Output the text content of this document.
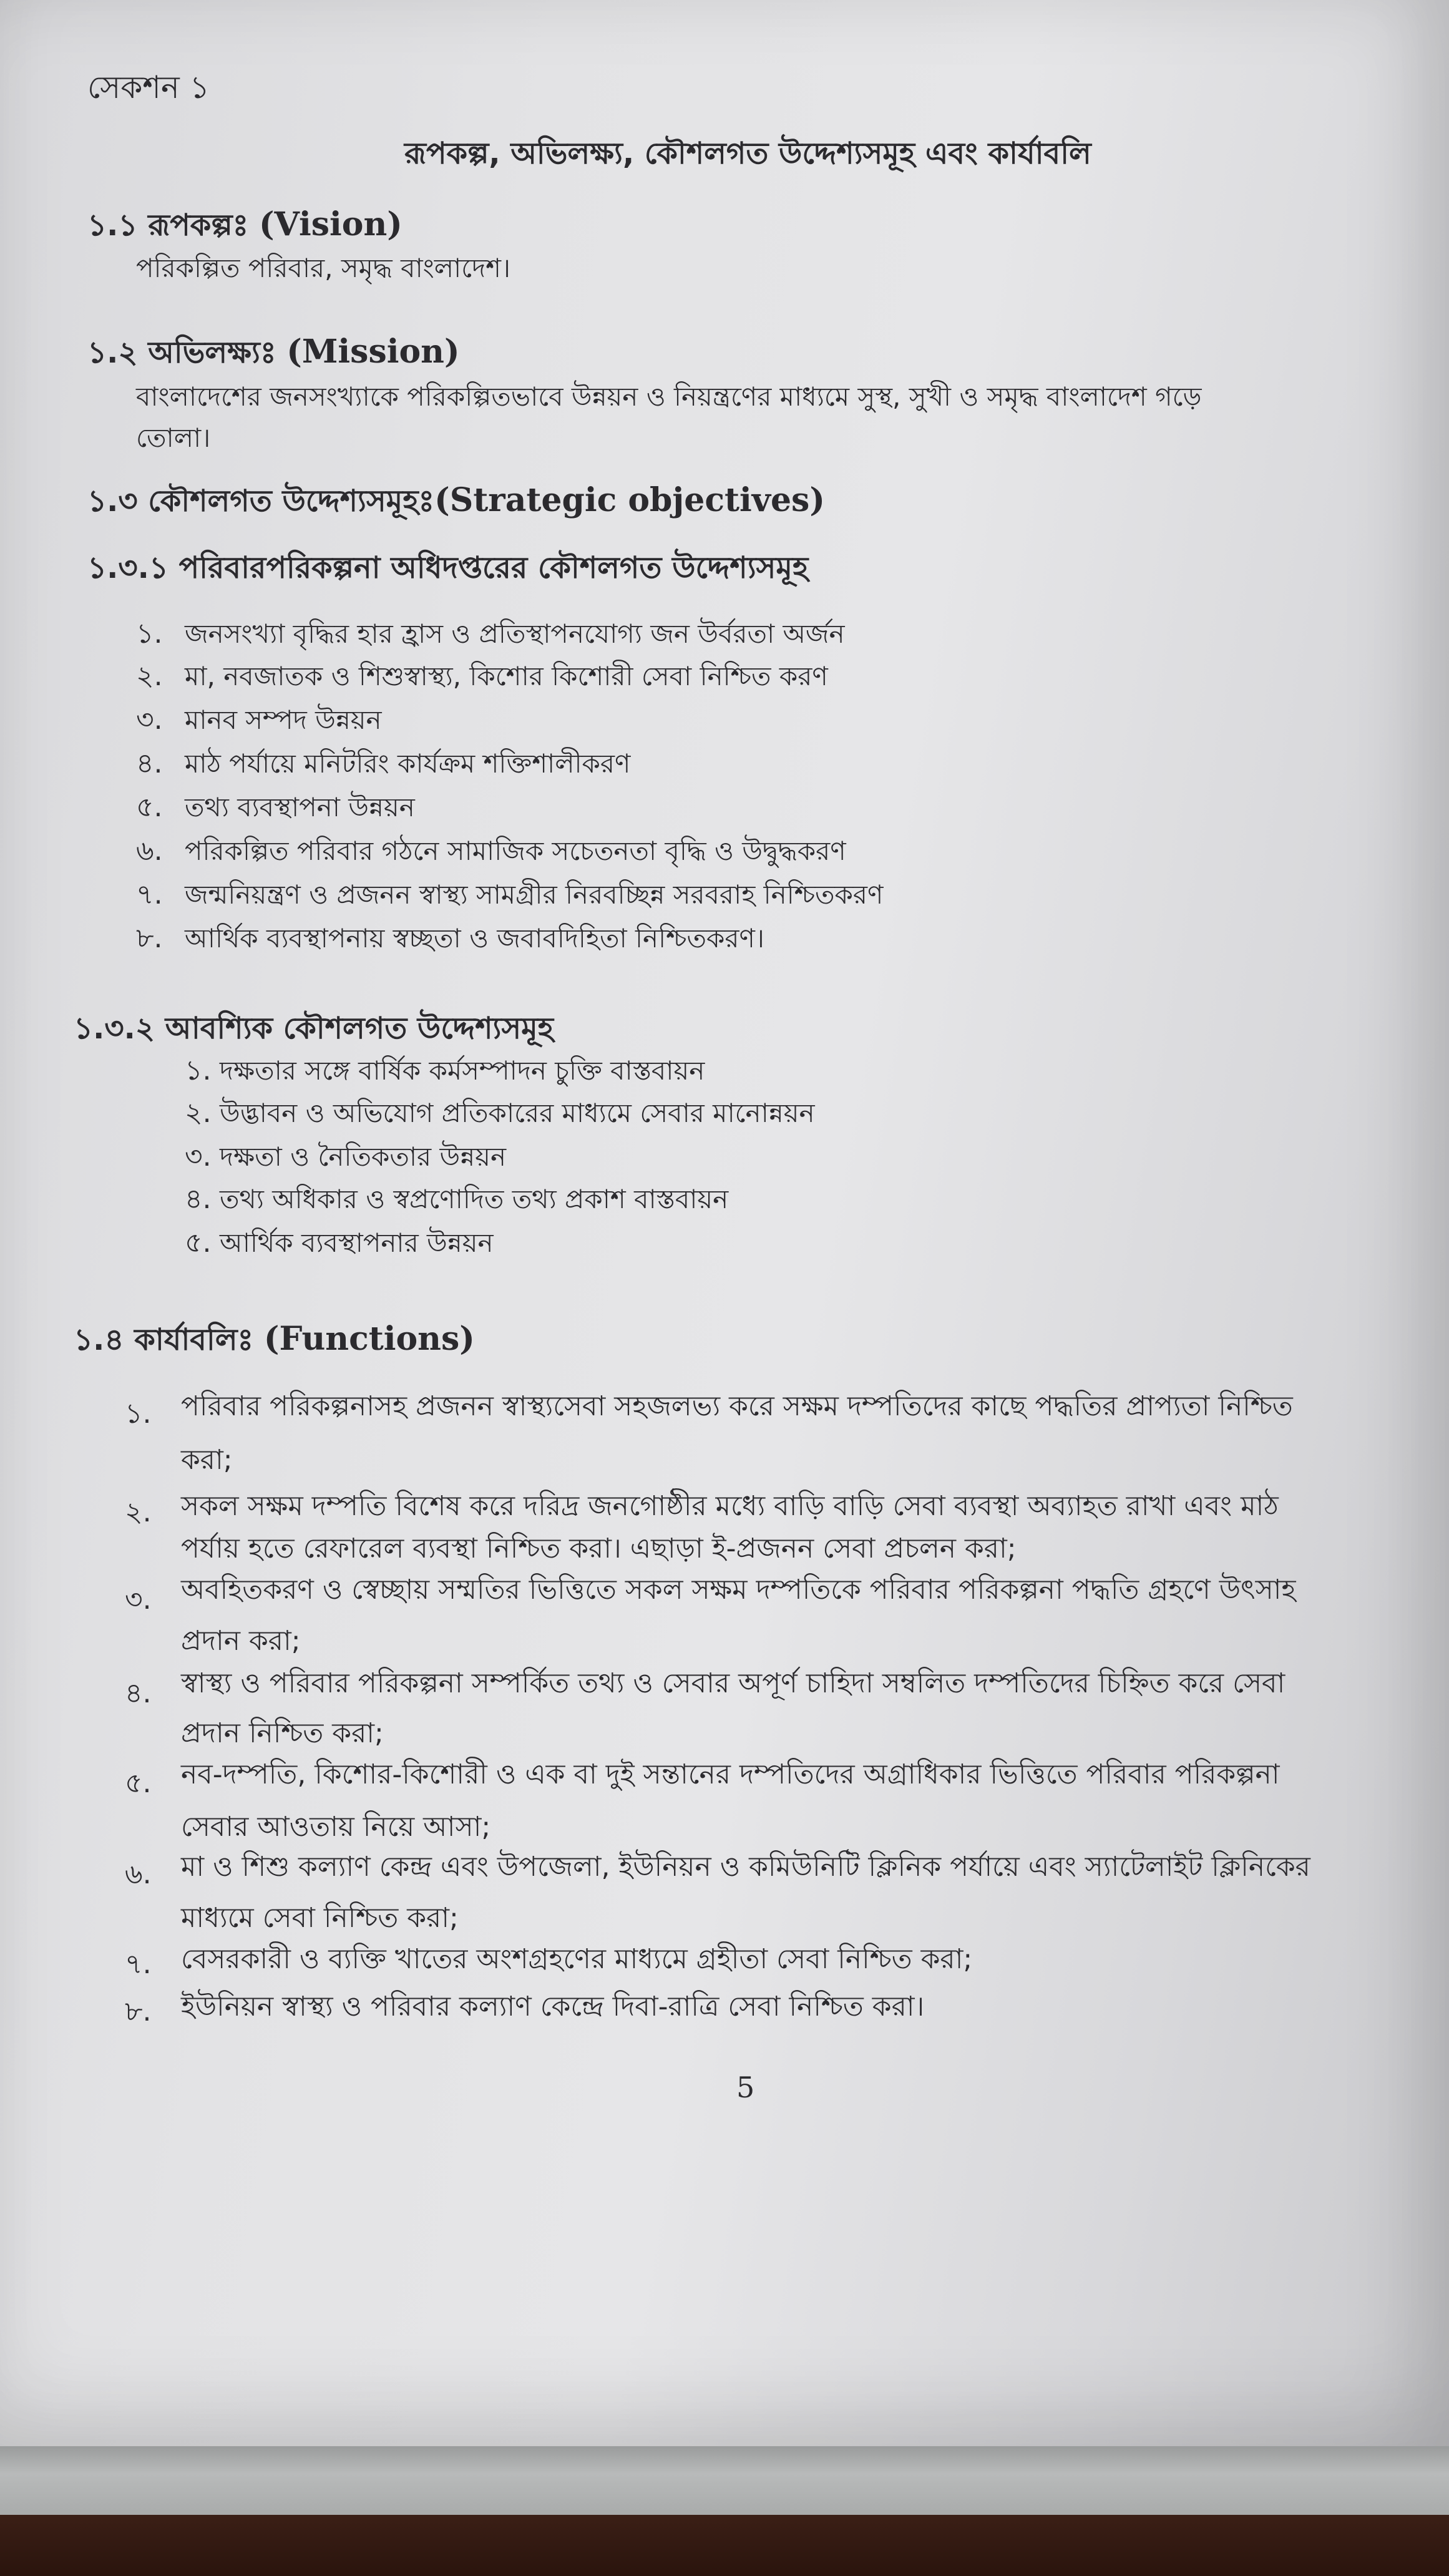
সেকশন ১
রূপকল্প, অভিলক্ষ্য, কৌশলগত উদ্দেশ্যসমূহ এবং কার্যাবলি
১.১ রূপকল্পঃ (Vision)
পরিকল্পিত পরিবার, সমৃদ্ধ বাংলাদেশ।
১.২ অভিলক্ষ্যঃ (Mission)
বাংলাদেশের জনসংখ্যাকে পরিকল্পিতভাবে উন্নয়ন ও নিয়ন্ত্রণের মাধ্যমে সুস্থ, সুখী ও সমৃদ্ধ বাংলাদেশ গড়ে
তোলা।
১.৩ কৌশলগত উদ্দেশ্যসমূহঃ(Strategic objectives)
১.৩.১ পরিবারপরিকল্পনা অধিদপ্তরের কৌশলগত উদ্দেশ্যসমূহ
১. জনসংখ্যা বৃদ্ধির হার হ্রাস ও প্রতিস্থাপনযোগ্য জন উর্বরতা অর্জন
২. মা, নবজাতক ও শিশুস্বাস্থ্য, কিশোর কিশোরী সেবা নিশ্চিত করণ
৩. মানব সম্পদ উন্নয়ন
৪. মাঠ পর্যায়ে মনিটরিং কার্যক্রম শক্তিশালীকরণ
৫. তথ্য ব্যবস্থাপনা উন্নয়ন
৬. পরিকল্পিত পরিবার গঠনে সামাজিক সচেতনতা বৃদ্ধি ও উদ্বুদ্ধকরণ
৭. জন্মনিয়ন্ত্রণ ও প্রজনন স্বাস্থ্য সামগ্রীর নিরবচ্ছিন্ন সরবরাহ নিশ্চিতকরণ
৮. আর্থিক ব্যবস্থাপনায় স্বচ্ছতা ও জবাবদিহিতা নিশ্চিতকরণ।
১.৩.২ আবশ্যিক কৌশলগত উদ্দেশ্যসমূহ
১. দক্ষতার সঙ্গে বার্ষিক কর্মসম্পাদন চুক্তি বাস্তবায়ন
২. উদ্ভাবন ও অভিযোগ প্রতিকারের মাধ্যমে সেবার মানোন্নয়ন
৩. দক্ষতা ও নৈতিকতার উন্নয়ন
৪. তথ্য অধিকার ও স্বপ্রণোদিত তথ্য প্রকাশ বাস্তবায়ন
৫. আর্থিক ব্যবস্থাপনার উন্নয়ন
১.৪ কার্যাবলিঃ (Functions)
১. পরিবার পরিকল্পনাসহ প্রজনন স্বাস্থ্যসেবা সহজলভ্য করে সক্ষম দম্পতিদের কাছে পদ্ধতির প্রাপ্যতা নিশ্চিত
করা;
২. সকল সক্ষম দম্পতি বিশেষ করে দরিদ্র জনগোষ্ঠীর মধ্যে বাড়ি বাড়ি সেবা ব্যবস্থা অব্যাহত রাখা এবং মাঠ
পর্যায় হতে রেফারেল ব্যবস্থা নিশ্চিত করা। এছাড়া ই-প্রজনন সেবা প্রচলন করা;
৩. অবহিতকরণ ও স্বেচ্ছায় সম্মতির ভিত্তিতে সকল সক্ষম দম্পতিকে পরিবার পরিকল্পনা পদ্ধতি গ্রহণে উৎসাহ
প্রদান করা;
৪. স্বাস্থ্য ও পরিবার পরিকল্পনা সম্পর্কিত তথ্য ও সেবার অপূর্ণ চাহিদা সম্বলিত দম্পতিদের চিহ্নিত করে সেবা
প্রদান নিশ্চিত করা;
৫. নব-দম্পতি, কিশোর-কিশোরী ও এক বা দুই সন্তানের দম্পতিদের অগ্রাধিকার ভিত্তিতে পরিবার পরিকল্পনা
সেবার আওতায় নিয়ে আসা;
৬. মা ও শিশু কল্যাণ কেন্দ্র এবং উপজেলা, ইউনিয়ন ও কমিউনিটি ক্লিনিক পর্যায়ে এবং স্যাটেলাইট ক্লিনিকের
মাধ্যমে সেবা নিশ্চিত করা;
৭. বেসরকারী ও ব্যক্তি খাতের অংশগ্রহণের মাধ্যমে গ্রহীতা সেবা নিশ্চিত করা;
৮. ইউনিয়ন স্বাস্থ্য ও পরিবার কল্যাণ কেন্দ্রে দিবা-রাত্রি সেবা নিশ্চিত করা।
5
